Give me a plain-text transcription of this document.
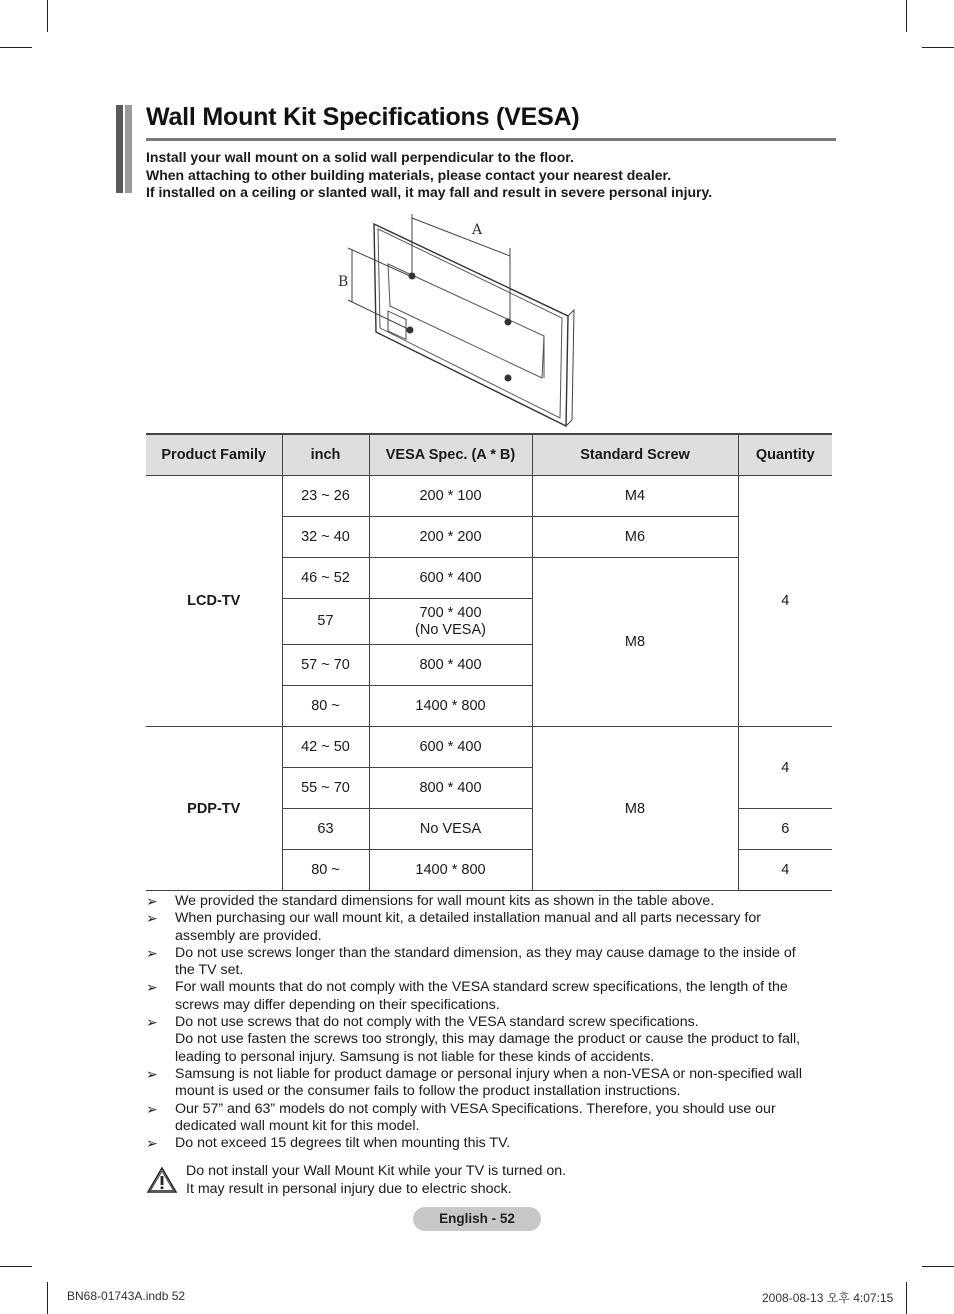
Wall Mount Kit Specifications (VESA)
Install your wall mount on a solid wall perpendicular to the floor.
When attaching to other building materials, please contact your nearest dealer.
If installed on a ceiling or slanted wall, it may fall and result in severe personal injury.
A
B
Product Family	inch	VESA Spec. (A * B)	Standard Screw	Quantity
LCD-TV	23 ~ 26	200 * 100	M4	4
	32 ~ 40	200 * 200	M6	
	46 ~ 52	600 * 400	M8	
	57	700 * 400
(No VESA)		

	57 ~ 70	800 * 400		
	80 ~	1400 * 800		
PDP-TV	42 ~ 50	600 * 400	M8	4
	55 ~ 70	800 * 400		
	63	No VESA		6
	80 ~	1400 * 800		4
➢	We provided the standard dimensions for wall mount kits as shown in the table above.
➢	When purchasing our wall mount kit, a detailed installation manual and all parts necessary for
assembly are provided.
➢	Do not use screws longer than the standard dimension, as they may cause damage to the inside of
the TV set.
➢	For wall mounts that do not comply with the VESA standard screw specifications, the length of the
screws may differ depending on their specifications.
➢	Do not use screws that do not comply with the VESA standard screw specifications.
Do not use fasten the screws too strongly, this may damage the product or cause the product to fall,
leading to personal injury. Samsung is not liable for these kinds of accidents.
➢	Samsung is not liable for product damage or personal injury when a non-VESA or non-specified wall
mount is used or the consumer fails to follow the product installation instructions.
➢	Our 57” and 63” models do not comply with VESA Specifications. Therefore, you should use our
dedicated wall mount kit for this model.
➢	Do not exceed 15 degrees tilt when mounting this TV.
Do not install your Wall Mount Kit while your TV is turned on.
It may result in personal injury due to electric shock.
English - 52
BN68-01743A.indb 52	2008-08-13 오후 4:07:15
